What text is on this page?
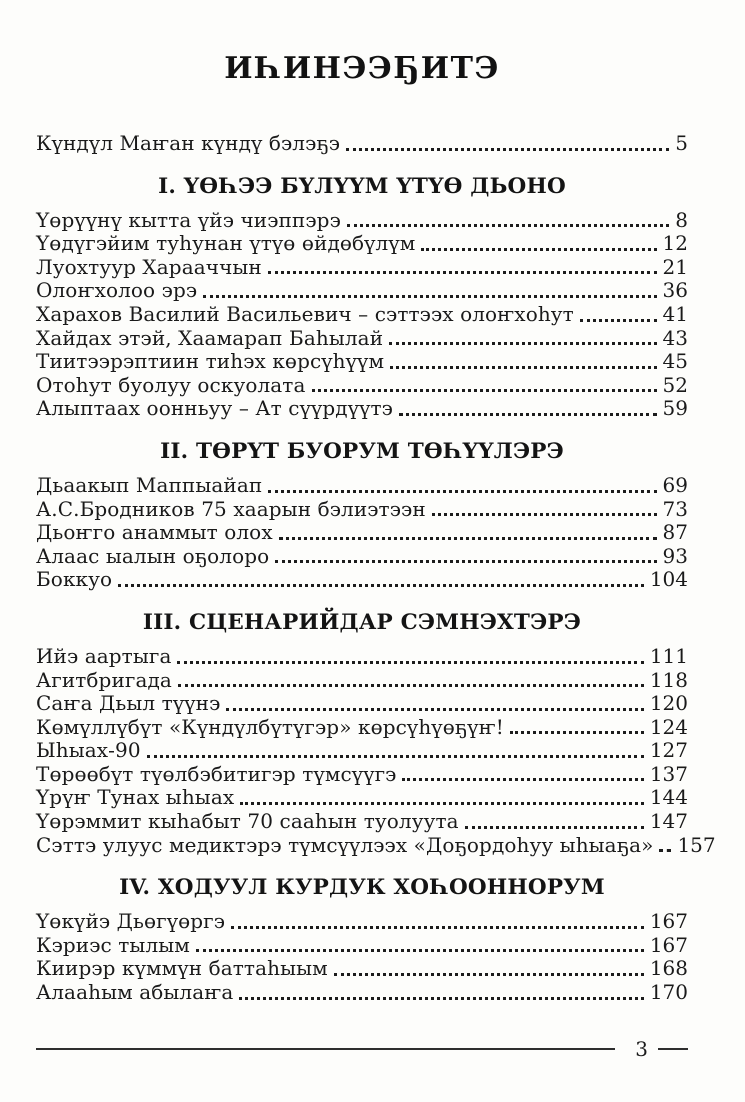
ИҺИНЭЭҔИТЭ
Күндүл Маҥан күндү бэлэҕэ	5
I. ҮӨҺЭЭ БҮЛҮҮМ ҮТҮӨ ДЬОНО
Үөрүүнү кытта үйэ чиэппэрэ	8
Үөдүгэйим туһунан үтүө өйдөбүлүм	12
Луохтуур Харааччын	21
Олоҥхолоо эрэ	36
Харахов Василий Васильевич – сэттээх олоҥхоһут	41
Хайдах этэй, Хаамарап Баһылай	43
Тиитээрэптиин тиһэх көрсүһүүм	45
Отоһут буолуу оскуолата	52
Алыптаах оонньуу – Ат сүүрдүүтэ	59
II. ТӨРҮТ БУОРУМ ТӨҺҮҮЛЭРЭ
Дьаакып Маппыайап	69
А.С.Бродников 75 хаарын бэлиэтээн	73
Дьоҥго анаммыт олох	87
Алаас ыалын оҕолоро	93
Боккуо	104
III. СЦЕНАРИЙДАР СЭМНЭХТЭРЭ
Ийэ аартыга	111
Агитбригада	118
Саҥа Дьыл түүнэ	120
Көмүллүбүт «Күндүлбүтүгэр» көрсүһүөҕүҥ!	124
Ыһыах-90	127
Төрөөбүт түөлбэбитигэр түмсүүгэ	137
Үрүҥ Тунах ыһыах	144
Үөрэммит кыһабыт 70 сааһын туолуута	147
Сэттэ улуус медиктэрэ түмсүүлээх «Доҕордоһуу ыһыаҕа» 157
IV. ХОДУУЛ КУРДУК ХОҺООННОРУМ
Үөкүйэ Дьөгүөргэ	167
Кэриэс тылым	167
Киирэр күммүн баттаһыым	168
Алааһым абылаҥа	170
3
